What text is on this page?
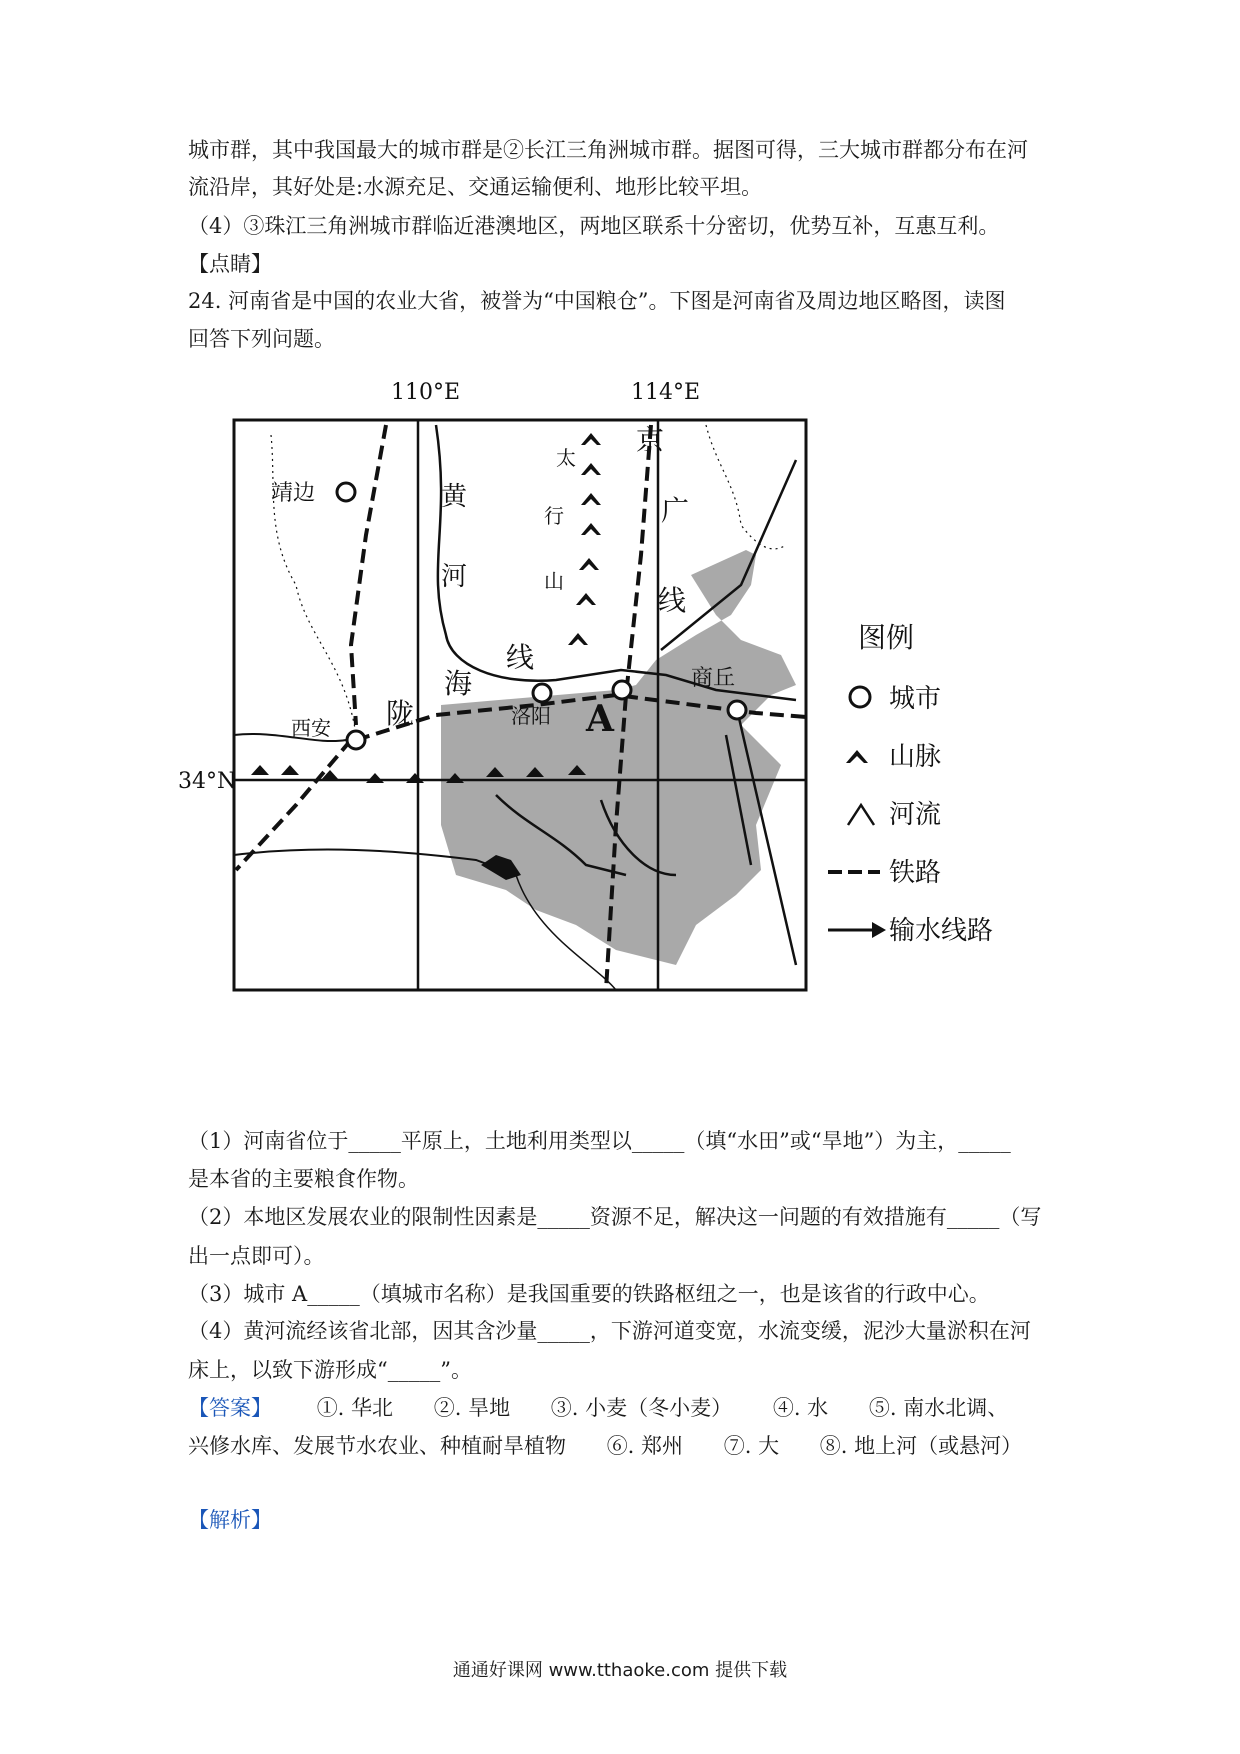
城市群，其中我国最大的城市群是②长江三角洲城市群。据图可得，三大城市群都分布在河
流沿岸，其好处是:水源充足、交通运输便利、地形比较平坦。
（4）③珠江三角洲城市群临近港澳地区，两地区联系十分密切，优势互补，互惠互利。
【点睛】
24. 河南省是中国的农业大省，被誉为“中国粮仓”。下图是河南省及周边地区略图，读图
回答下列问题。
110°E	114°E
34°N
靖边
西安	洛阳 A
商丘
京
广
线
陇
海
线
黄
河
太
行
山
图例
城市
山脉
河流
铁路
输水线路
（1）河南省位于_____平原上，土地利用类型以_____（填“水田”或“旱地”）为主，_____
是本省的主要粮食作物。
（2）本地区发展农业的限制性因素是_____资源不足，解决这一问题的有效措施有_____（写
出一点即可）。
（3）城市 A_____（填城市名称）是我国重要的铁路枢纽之一，也是该省的行政中心。
（4）黄河流经该省北部，因其含沙量_____，下游河道变宽，水流变缓，泥沙大量淤积在河
床上，以致下游形成“_____”。
【答案】 ①. 华北 ②. 旱地 ③. 小麦（冬小麦） ④. 水 ⑤. 南水北调、
兴修水库、发展节水农业、种植耐旱植物 ⑥. 郑州 ⑦. 大 ⑧. 地上河（或悬河）
【解析】
通通好课网 www.tthaoke.com 提供下载
